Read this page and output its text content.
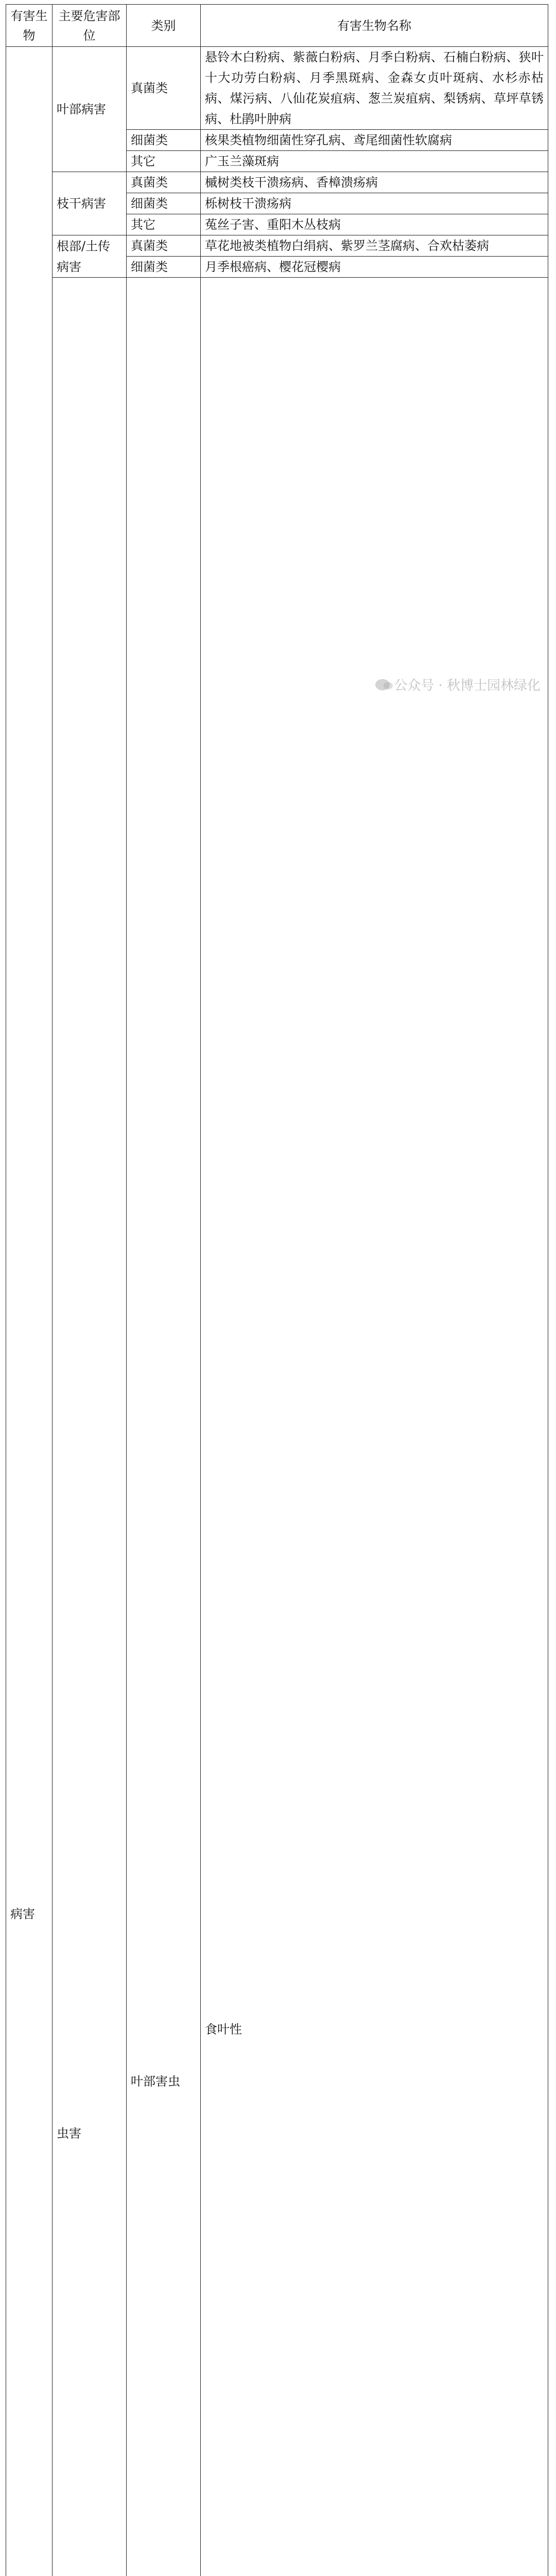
有害生物	主要危害部位	类别	有害生物名称	
病害	叶部病害	真菌类	悬铃木白粉病、紫薇白粉病、月季白粉病、石楠白粉病、狭叶十大功劳白粉病、月季黑斑病、金森女贞叶斑病、水杉赤枯病、煤污病、八仙花炭疽病、葱兰炭疽病、梨锈病、草坪草锈病、杜鹃叶肿病	
		细菌类	核果类植物细菌性穿孔病、鸢尾细菌性软腐病	
		其它	广玉兰藻斑病	
	枝干病害	真菌类	槭树类枝干溃疡病、香樟溃疡病	
		细菌类	栎树枝干溃疡病	
		其它	菟丝子害、重阳木丛枝病	
	根部/土传病害	真菌类	草花地被类植物白绢病、紫罗兰茎腐病、合欢枯萎病	
		细菌类	月季根癌病、樱花冠樱病	
	虫害	叶部害虫	食叶性	

公众号 · 秋博士园林绿化
